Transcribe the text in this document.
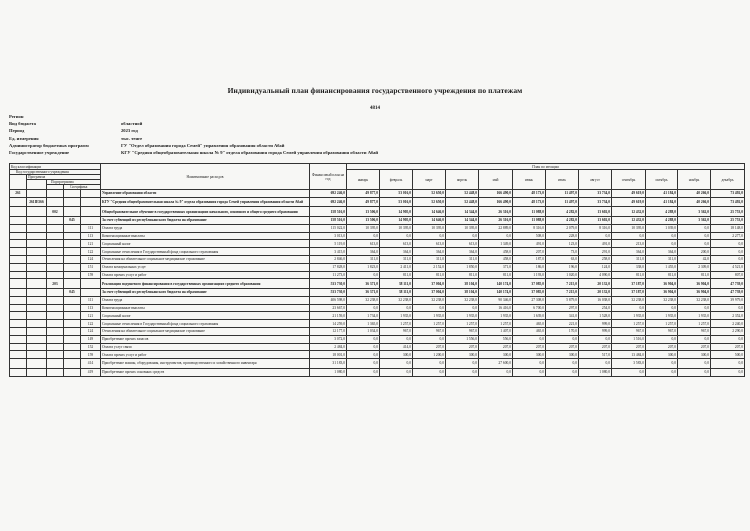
Индивидуальный план финансирования государственного учреждения по платежам
4814
Регион
Вид бюджета	областной
Период	2023 год
Ед. измерения	тыс. тенге
Администратор бюджетных программ	ГУ "Отдел образования города Семей" управления образования области Абай
Государственное учреждение	КГУ "Средняя общеобразовательная школа № 9" отдела образования города Семей управления образования области Абай
Код классификации					Наименование расходов	Финансовый план на год	План по месяцам											
Код государственного учреждения							январь	февраль	март	апрель	май	июнь	июль	август	сентябрь	октябрь	ноябрь	декабрь
	Программа																	
		Подпрограмма																
			Специфика															
261					Управление образования области	692 246,0	49 877,0	53 016,0	52 650,0	52 448,0	166 490,0	48 173,0	11 497,0	33 734,0	49 619,0	41 184,0	40 266,0	73 492,0
	261IE566				КГУ "Средняя общеобразовательная школа № 9" отдела образования города Семей управления образования области Абай	692 246,0	49 877,0	53 016,0	52 650,0	52 448,0	166 490,0	48 173,0	11 497,0	33 734,0	49 619,0	41 184,0	40 266,0	73 492,0
		002			Общеобразовательное обучение в государственных организациях начального, основного и общего среднего образования	158 516,0	13 506,0	14 905,0	14 646,0	14 344,0	26 316,0	11 088,0	4 282,0	13 602,0	12 432,0	4 288,0	3 362,0	25 753,0
			045		За счет субвенций из республиканского бюджета на образование	158 516,0	13 506,0	14 905,0	14 646,0	14 344,0	26 316,0	11 088,0	4 282,0	13 602,0	12 432,0	4 288,0	3 362,0	25 753,0
				111	Оплата труда	115 022,0	10 395,0	10 395,0	10 395,0	10 395,0	22 889,0	8 316,0	2 079,0	8 316,0	10 395,0	1 039,0	0,0	18 148,0
				113	Компенсационные выплаты	3 013,0	0,0	0,0	0,0	0,0	0,0	508,0	228,0	0,0	0,0	0,0	0,0	2 277,0
				121	Социальный налог	5 119,0	613,0	613,0	613,0	613,0	1 349,0	491,0	123,0	491,0	213,0	0,0	0,0	0,0
				122	Социальные отчисления в Государственный фонд социального страхования	3 415,0	364,0	364,0	364,0	364,0	458,0	207,0	73,0	291,0	364,0	364,0	200,0	0,0
				124	Отчисления на обязательное социальное медицинское страхование	2 846,0	311,0	311,0	311,0	311,0	458,0	187,0	63,0	258,0	311,0	311,0	42,0	0,0
				151	Оплата коммунальных услуг	17 828,0	1 823,0	2 411,0	2 152,0	1 850,0	371,0	186,0	196,0	124,0	338,0	1 455,0	2 309,0	4 521,0
				159	Оплата прочих услуг и работ	11 273,0	0,0	811,0	811,0	811,0	811,0	1 193,0	1 020,0	4 090,0	811,0	811,0	811,0	807,0
		203			Реализация подушевого финансирования в государственных организациях среднего образования	533 730,0	36 371,0	38 111,0	37 004,0	38 104,0	140 174,0	37 085,0	7 215,0	20 132,0	37 187,0	36 904,0	36 904,0	47 739,0
			045		За счет субвенций из республиканского бюджета на образование	533 730,0	36 371,0	38 111,0	37 004,0	38 104,0	140 174,0	37 085,0	7 215,0	20 132,0	37 187,0	36 904,0	36 904,0	47 739,0
				111	Оплата труда	406 598,0	32 238,0	32 238,0	32 238,0	32 238,0	90 346,0	27 308,0	5 879,0	16 038,0	32 238,0	32 238,0	32 238,0	39 979,0
				113	Компенсационные выплаты	23 667,0	0,0	0,0	0,0	0,0	16 416,0	6 700,0	297,0	254,0	0,0	0,0	0,0	0,0
				121	Социальный налог	21 159,0	1 734,0	1 935,0	1 935,0	1 935,0	1 935,0	1 639,0	341,0	1 528,0	1 935,0	1 935,0	1 935,0	2 352,0
				122	Социальные отчисления в Государственный фонд социального страхования	14 259,0	1 365,0	1 257,0	1 257,0	1 257,0	1 257,0	465,0	221,0	999,0	1 257,0	1 257,0	1 257,0	2 240,0
				124	Отчисления на обязательное социальное медицинское страхование	12 177,0	1 034,0	967,0	967,0	967,0	1 407,0	465,0	170,0	999,0	967,0	967,0	967,0	2 290,0
				149	Приобретение прочих запасов	3 072,0	0,0	0,0	0,0	1 556,0	556,0	0,0	0,0	0,0	1 516,0	0,0	0,0	0,0
				152	Оплата услуг связи	2 484,0	0,0	414,0	207,0	207,0	207,0	207,0	207,0	207,0	207,0	207,0	207,0	207,0
				159	Оплата прочих услуг и работ	18 001,0	0,0	300,0	1 200,0	300,0	300,0	300,0	300,0	517,0	13 484,0	300,0	300,0	500,0
				414	Приобретение машин, оборудования, инструментов, производственного и хозяйственного инвентаря	31 183,0	0,0	0,0	0,0	0,0	27 600,0	0,0	0,0	0,0	3 583,0	0,0	0,0	0,0
				419	Приобретение прочих основных средств	1 080,0	0,0	0,0	0,0	0,0	0,0	0,0	0,0	1 080,0	0,0	0,0	0,0	0,0
